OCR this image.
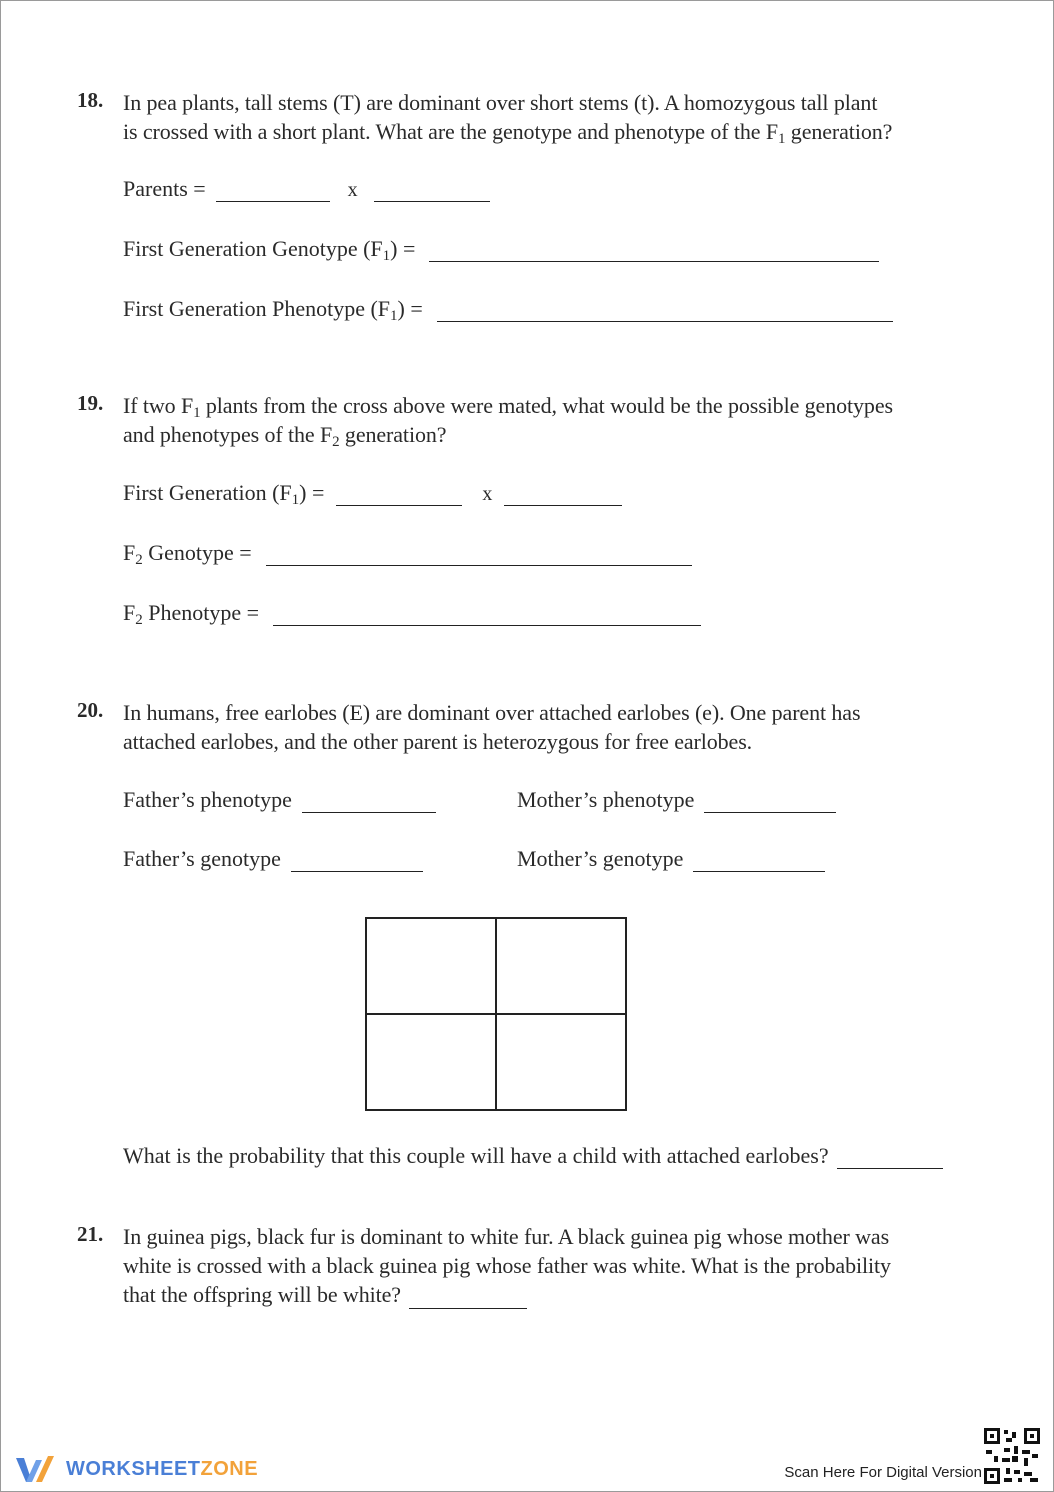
18. In pea plants, tall stems (T) are dominant over short stems (t). A homozygous tall plant
is crossed with a short plant. What are the genotype and phenotype of the $F_1$ generation?
Parents =	x
First Generation Genotype $(F_1)$ =
First Generation Phenotype $(F_1)$ =
19. If two $F_1$ plants from the cross above were mated, what would be the possible genotypes
and phenotypes of the $F_2$ generation?
First Generation $(F_1)$ =	x
$F_2$ Genotype =
$F_2$ Phenotype =
20. In humans, free earlobes (E) are dominant over attached earlobes (e). One parent has
attached earlobes, and the other parent is heterozygous for free earlobes.
Father’s phenotype	Mother’s phenotype
Father’s genotype	Mother’s genotype
What is the probability that this couple will have a child with attached earlobes?
21. In guinea pigs, black fur is dominant to white fur. A black guinea pig whose mother was
white is crossed with a black guinea pig whose father was white. What is the probability
that the offspring will be white?
WORKSHEETZONE	Scan Here For Digital Version
